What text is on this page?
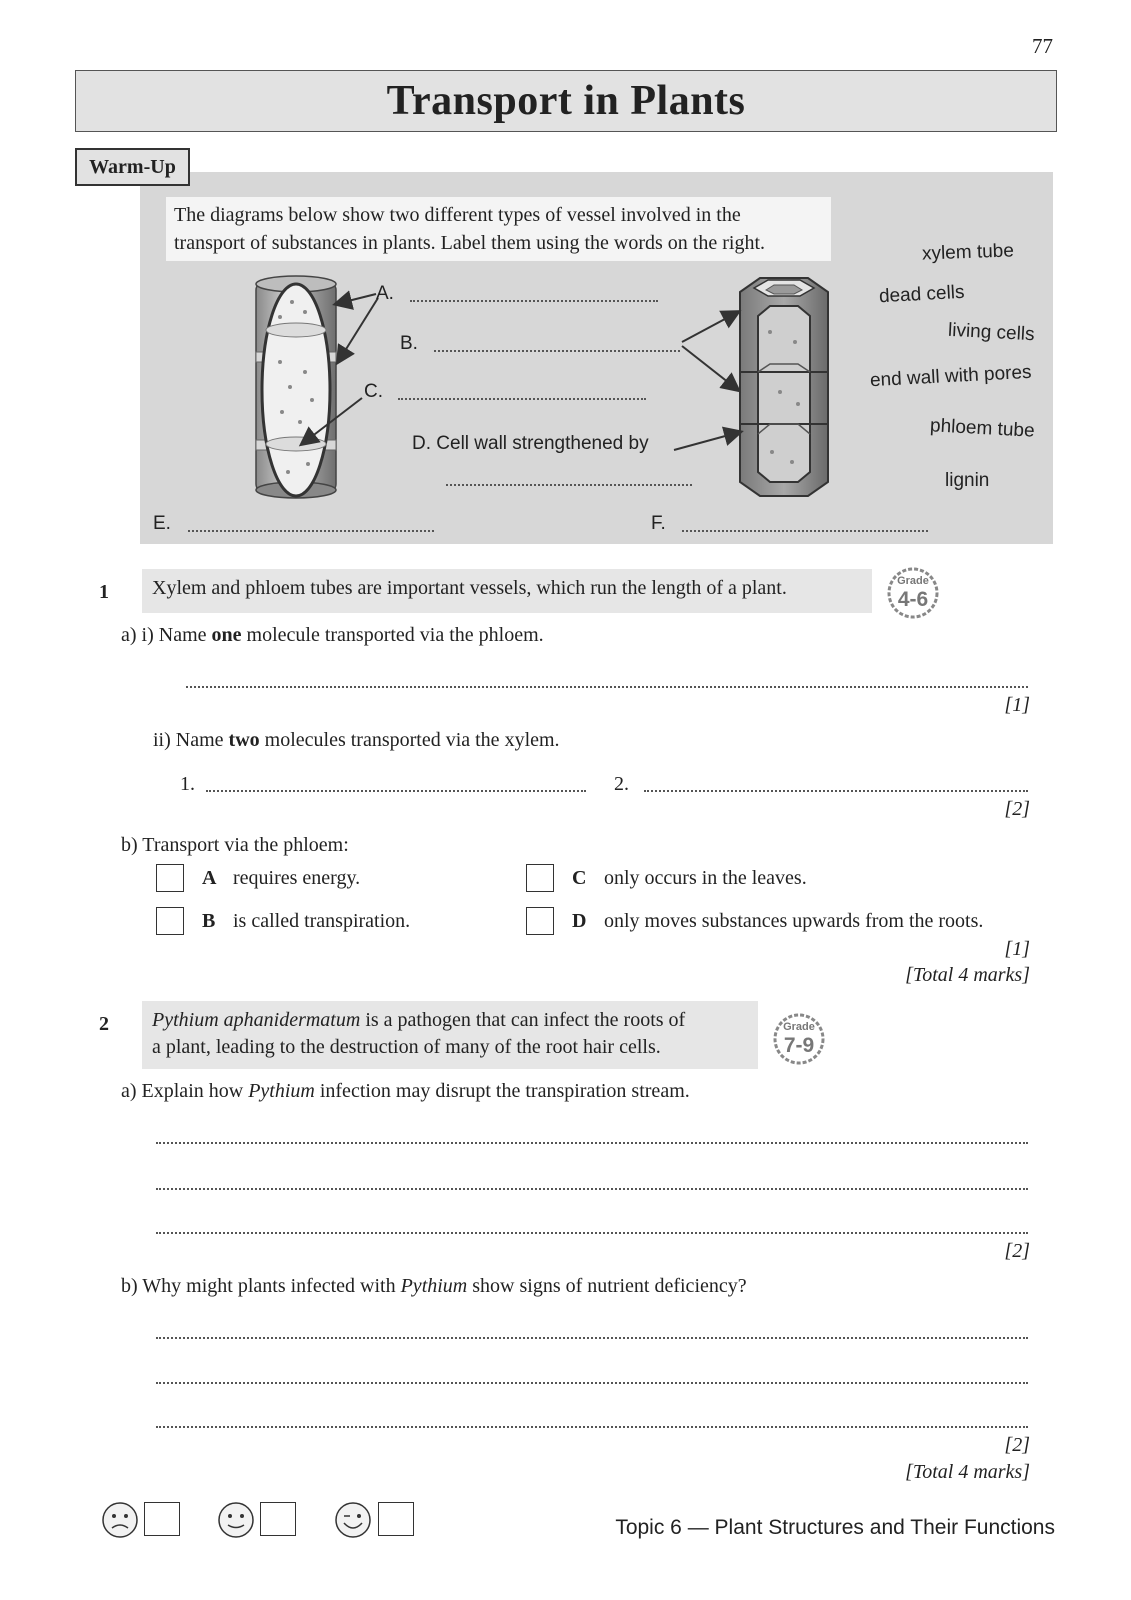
77
Transport in Plants
Warm-Up
The diagrams below show two different types of vessel involved in the
transport of substances in plants. Label them using the words on the right.
A.
B.
C.
D. Cell wall strengthened by
E.	F.
xylem tube
dead cells
living cells
end wall with pores
phloem tube
lignin
1	Xylem and phloem tubes are important vessels, which run the length of a plant.	Grade
4-6
a) i) Name one molecule transported via the phloem.
[1]
ii) Name two molecules transported via the xylem.
1.	2.
[2]
b) Transport via the phloem:
A requires energy.
B is called transpiration.
C only occurs in the leaves.
D only moves substances upwards from the roots.
[1]
[Total 4 marks]
2 Pythium aphanidermatum is a pathogen that can infect the roots of
a plant, leading to the destruction of many of the root hair cells.
Grade
7-9
a) Explain how Pythium infection may disrupt the transpiration stream.
[2]
b) Why might plants infected with Pythium show signs of nutrient deficiency?
[2]
[Total 4 marks]
Topic 6 — Plant Structures and Their Functions
